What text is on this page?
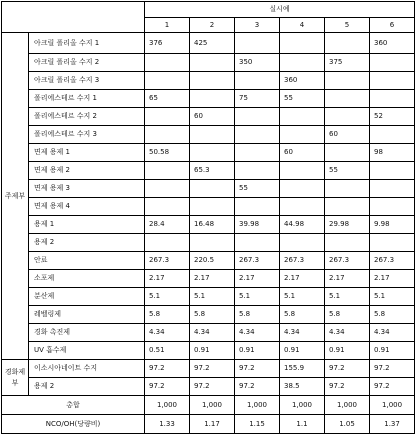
		실시예					
		1	2	3	4	5	6
주제부	아크릴 폴리올 수지 1	376	425				360
	아크릴 폴리올 수지 2			350		375	
	아크릴 폴리올 수지 3				360		
	폴리에스테르 수지 1	65		75	55		
	폴리에스테르 수지 2		60				52
	폴리에스테르 수지 3					60	
	면제 용제 1	50.58			60		98
	면제 용제 2		65.3			55	
	면제 용제 3			55			
	면제 용제 4						
	용제 1	28.4	16.48	39.98	44.98	29.98	9.98
	용제 2						
	안료	267.3	220.5	267.3	267.3	267.3	267.3
	소포제	2.17	2.17	2.17	2.17	2.17	2.17
	분산제	5.1	5.1	5.1	5.1	5.1	5.1
	레벨링제	5.8	5.8	5.8	5.8	5.8	5.8
	경화 촉진제	4.34	4.34	4.34	4.34	4.34	4.34
	UV 흡수제	0.51	0.91	0.91	0.91	0.91	0.91
경화제부	이소시아네이트 수지	97.2	97.2	97.2	155.9	97.2	97.2
	용제 2	97.2	97.2	97.2	38.5	97.2	97.2
총합		1,000	1,000	1,000	1,000	1,000	1,000
NCO/OH(당량비)		1.33	1.17	1.15	1.1	1.05	1.37
